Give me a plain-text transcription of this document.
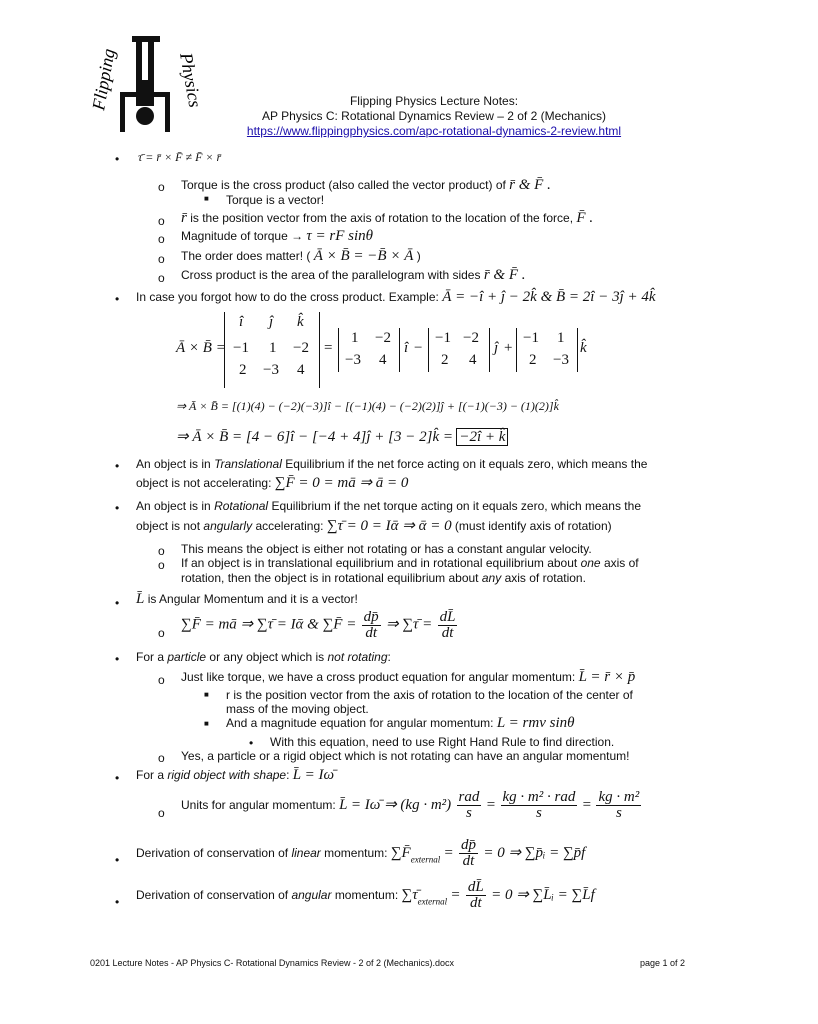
Flipping	Physics	Flipping Physics Lecture Notes:
AP Physics C: Rotational Dynamics Review – 2 of 2 (Mechanics)
https://www.flippingphysics.com/apc-rotational-dynamics-2-review.html
• τ̄ = r̄ × F̄ ≠ F̄ × r̄
o Torque is the cross product (also called the vector product) of r̄ & F̄ .
■ Torque is a vector!
o r̄ is the position vector from the axis of rotation to the location of the force, F̄ .
o Magnitude of torque → τ = rF sinθ
o The order does matter! ( Ā × B̄ = −B̄ × Ā )
o Cross product is the area of the parallelogram with sides r̄ & F̄ .
• In case you forgot how to do the cross product. Example: Ā = −î + ĵ − 2k̂ & B̄ = 2î − 3ĵ + 4k̂
Ā × B̄ =
î ĵ k̂
−1 1 −2
2 −3 4
=
1 −2
−3 4
î −
−1 −2
2 4
ĵ +
−1 1
2 −3
k̂
⇒ Ā × B̄ = [(1)(4) − (−2)(−3)]î − [(−1)(4) − (−2)(2)]ĵ + [(−1)(−3) − (1)(2)]k̂
⇒ Ā × B̄ = [4 − 6]î − [−4 + 4]ĵ + [3 − 2]k̂ = −2î + k̂
• An object is in Translational Equilibrium if the net force acting on it equals zero, which means the
object is not accelerating: ∑F̄ = 0 = mā ⇒ ā = 0
• An object is in Rotational Equilibrium if the net torque acting on it equals zero, which means the
object is not angularly accelerating: ∑τ̄ = 0 = Iᾱ ⇒ ᾱ = 0 (must identify axis of rotation)
o This means the object is either not rotating or has a constant angular velocity.
o If an object is in translational equilibrium and in rotational equilibrium about one axis of
rotation, then the object is in rotational equilibrium about any axis of rotation.
• L̄ is Angular Momentum and it is a vector!
o
∑F̄ = mā ⇒ ∑τ̄ = Iᾱ & ∑F̄ = $\frac{dp̄}{dt}$ ⇒ ∑τ̄ = $\frac{dL̄}{dt}$
• For a particle or any object which is not rotating:
o Just like torque, we have a cross product equation for angular momentum: L̄ = r̄ × p̄
■ r is the position vector from the axis of rotation to the location of the center of
mass of the moving object.
■ And a magnitude equation for angular momentum: L = rmv sinθ
• With this equation, need to use Right Hand Rule to find direction.
o Yes, a particle or a rigid object which is not rotating can have an angular momentum!
• For a rigid object with shape: L̄ = Iω̄
o
Units for angular momentum: L̄ = Iω̄ ⇒ $(kg \cdot m^2) \frac{\text{rad}}{s} = \frac{\text{kg · m² · rad}}{s} = \frac{\text{kg · m²}}{s}$
• Derivation of conservation of linear momentum: $\sum F̄_{external} = \frac{dp̄}{dt} = 0$ ⇒ ∑p̄ᵢ = ∑p̄f
• Derivation of conservation of angular momentum: $\sum\taū_{external} = \frac{dL̄}{dt} = 0$ ⇒ ∑L̄ᵢ = ∑L̄f
0201 Lecture Notes - AP Physics C- Rotational Dynamics Review - 2 of 2 (Mechanics).docx	page 1 of 2
